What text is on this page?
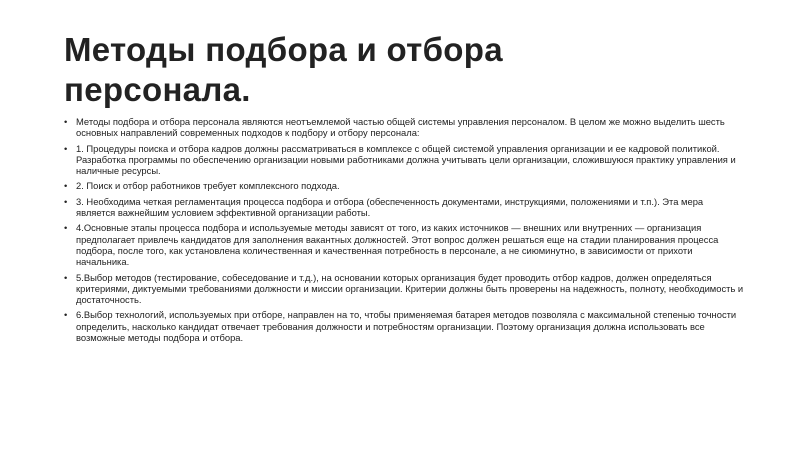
Методы подбора и отбора персонала.
• Методы подбора и отбора персонала являются неотъемлемой частью общей системы управления персоналом. В целом же можно выделить шесть основных направлений современных подходов к подбору и отбору персонала:
• 1. Процедуры поиска и отбора кадров должны рассматриваться в комплексе с общей системой управления организации и ее кадровой политикой. Разработка программы по обеспечению организации новыми работниками должна учитывать цели организации, сложившуюся практику управления и наличные ресурсы.
• 2. Поиск и отбор работников требует комплексного подхода.
• 3. Необходима четкая регламентация процесса подбора и отбора (обеспеченность документами, инструкциями, положениями и т.п.). Эта мера является важнейшим условием эффективной организации работы.
• 4.Основные этапы процесса подбора и используемые методы зависят от того, из каких источников — внешних или внутренних — организация предполагает привлечь кандидатов для заполнения вакантных должностей. Этот вопрос должен решаться еще на стадии планирования процесса подбора, после того, как установлена количественная и качественная потребность в персонале, а не сиюминутно, в зависимости от прихоти начальника.
• 5.Выбор методов (тестирование, собеседование и т.д.), на основании которых организация будет проводить отбор кадров, должен определяться критериями, диктуемыми требованиями должности и миссии организации. Критерии должны быть проверены на надежность, полноту, необходимость и достаточность.
• 6.Выбор технологий, используемых при отборе, направлен на то, чтобы применяемая батарея методов позволяла с максимальной степенью точности определить, насколько кандидат отвечает требования должности и потребностям организации. Поэтому организация должна использовать все возможные методы подбора и отбора.
